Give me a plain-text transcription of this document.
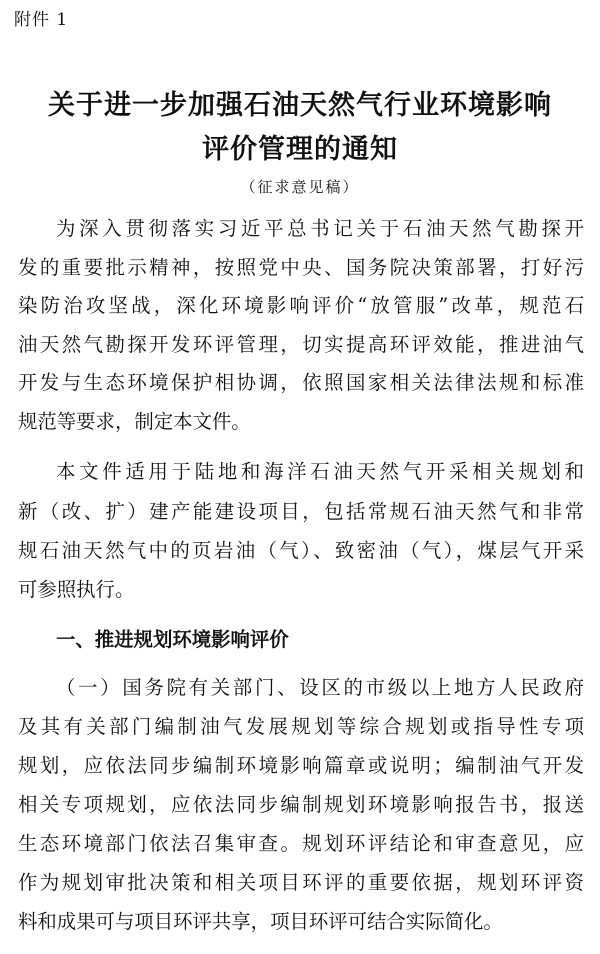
附件 1
关于进一步加强石油天然气行业环境影响
评价管理的通知
（征求意见稿）
为深入贯彻落实习近平总书记关于石油天然气勘探开
发的重要批示精神，按照党中央、国务院决策部署，打好污
染防治攻坚战，深化环境影响评价“放管服”改革，规范石
油天然气勘探开发环评管理，切实提高环评效能，推进油气
开发与生态环境保护相协调，依照国家相关法律法规和标准
规范等要求，制定本文件。
本文件适用于陆地和海洋石油天然气开采相关规划和
新（改、扩）建产能建设项目，包括常规石油天然气和非常
规石油天然气中的页岩油（气）、致密油（气），煤层气开采
可参照执行。
一、推进规划环境影响评价
（一）国务院有关部门、设区的市级以上地方人民政府
及其有关部门编制油气发展规划等综合规划或指导性专项
规划，应依法同步编制环境影响篇章或说明；编制油气开发
相关专项规划，应依法同步编制规划环境影响报告书，报送
生态环境部门依法召集审查。规划环评结论和审查意见，应
作为规划审批决策和相关项目环评的重要依据，规划环评资
料和成果可与项目环评共享，项目环评可结合实际简化。
